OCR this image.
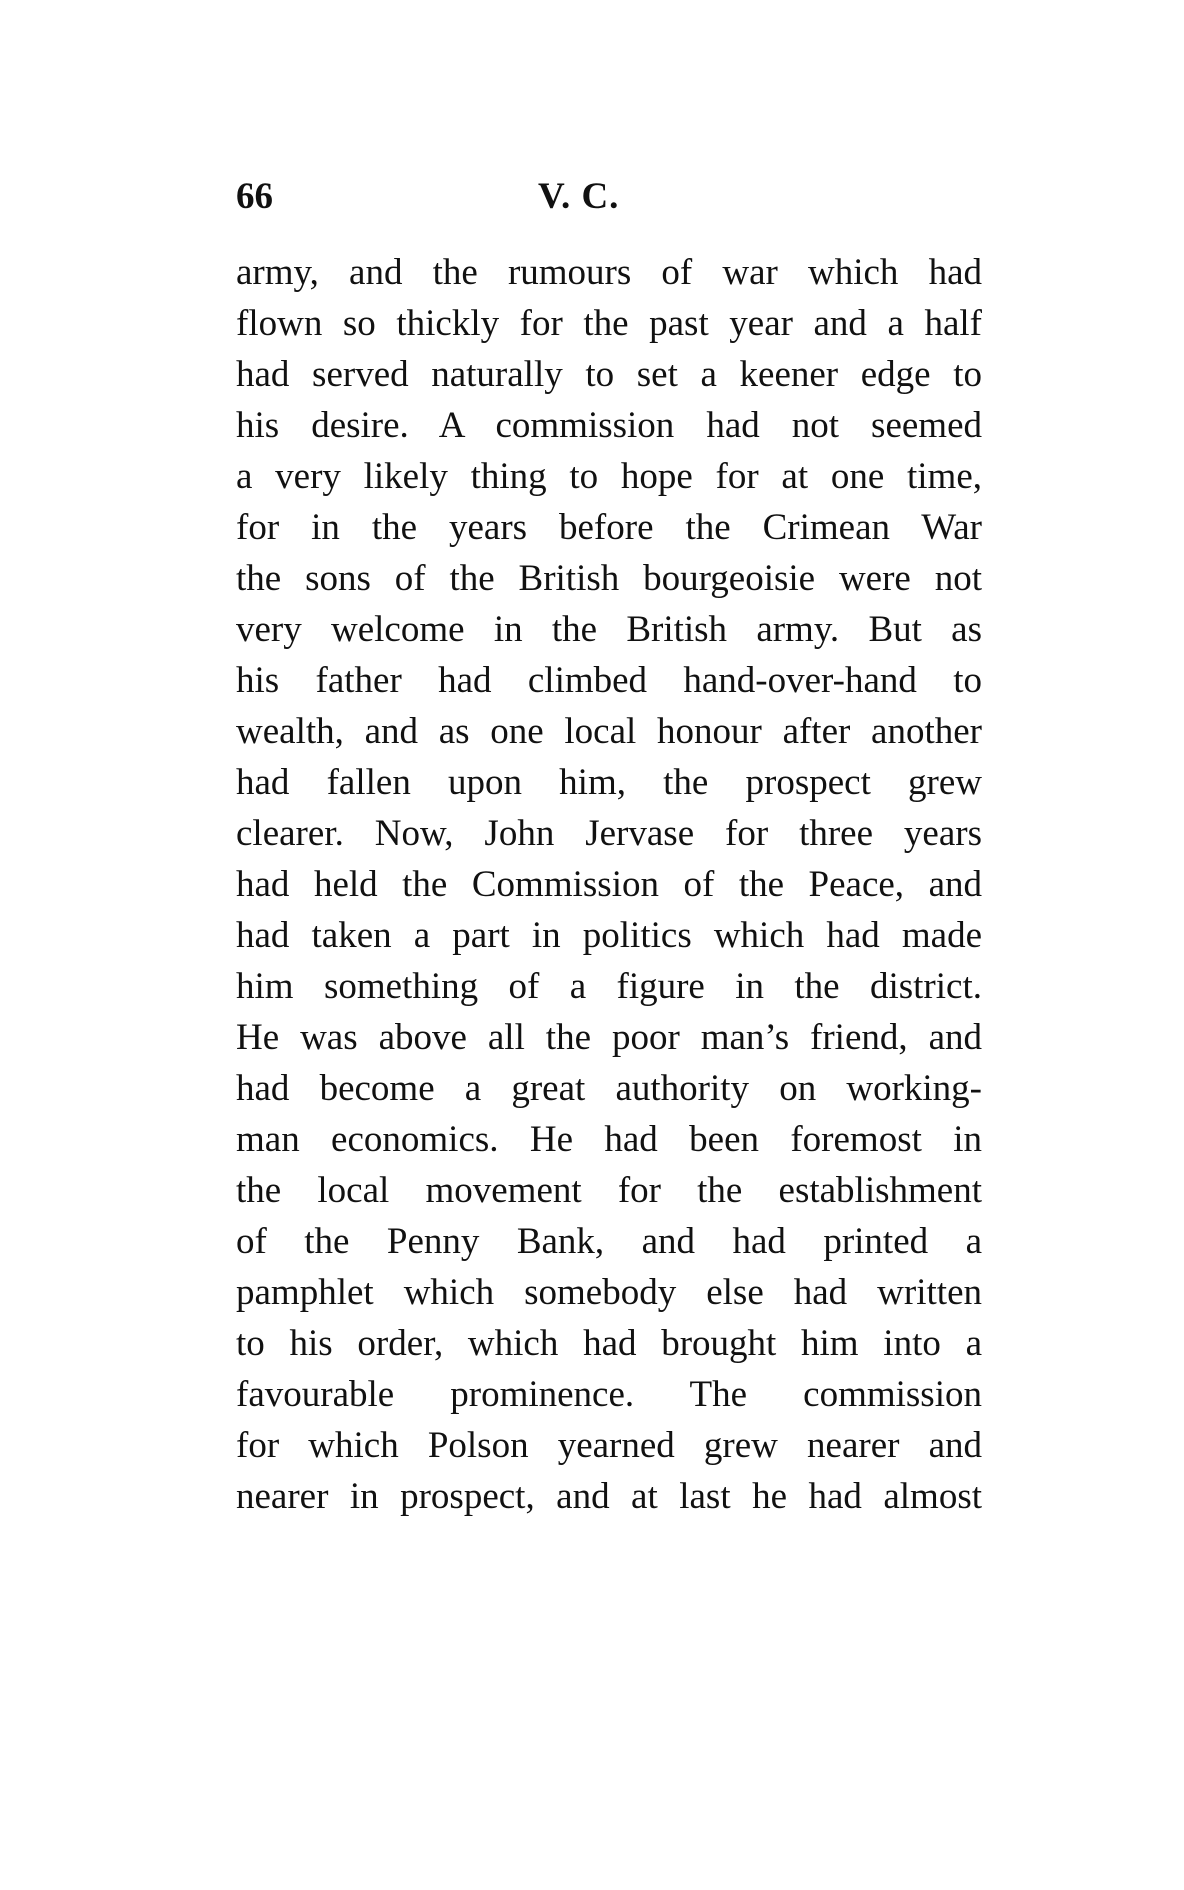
66	V. C.
army, and the rumours of war which had
flown so thickly for the past year and a half
had served naturally to set a keener edge to
his desire. A commission had not seemed
a very likely thing to hope for at one time,
for in the years before the Crimean War
the sons of the British bourgeoisie were not
very welcome in the British army. But as
his father had climbed hand-over-hand to
wealth, and as one local honour after another
had fallen upon him, the prospect grew
clearer. Now, John Jervase for three years
had held the Commission of the Peace, and
had taken a part in politics which had made
him something of a figure in the district.
He was above all the poor man’s friend, and
had become a great authority on working-
man economics. He had been foremost in
the local movement for the establishment
of the Penny Bank, and had printed a
pamphlet which somebody else had written
to his order, which had brought him into a
favourable prominence. The commission
for which Polson yearned grew nearer and
nearer in prospect, and at last he had almost
